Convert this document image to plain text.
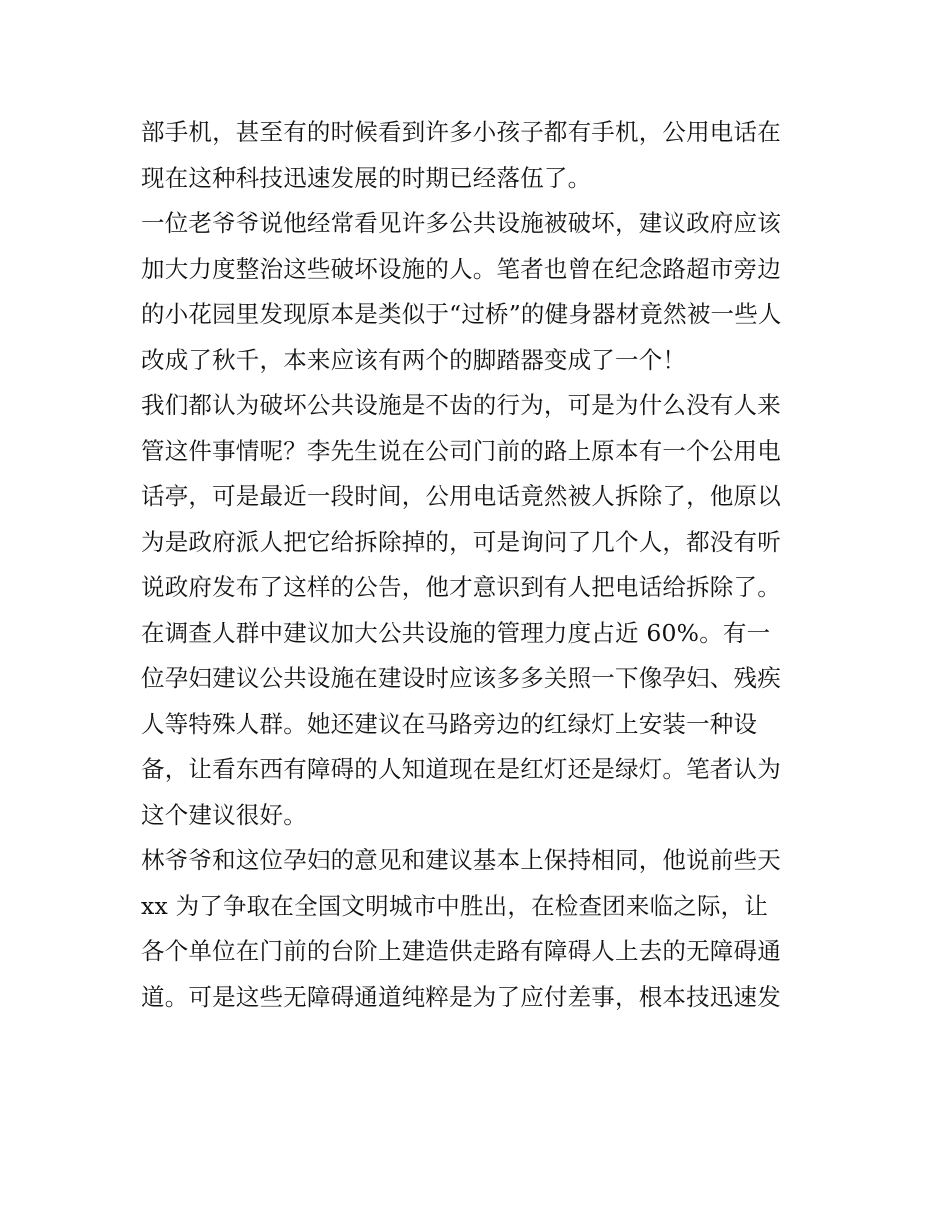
部手机，甚至有的时候看到许多小孩子都有手机，公用电话在
现在这种科技迅速发展的时期已经落伍了。
一位老爷爷说他经常看见许多公共设施被破坏，建议政府应该
加大力度整治这些破坏设施的人。笔者也曾在纪念路超市旁边
的小花园里发现原本是类似于“过桥”的健身器材竟然被一些人
改成了秋千，本来应该有两个的脚踏器变成了一个！
我们都认为破坏公共设施是不齿的行为，可是为什么没有人来
管这件事情呢？李先生说在公司门前的路上原本有一个公用电
话亭，可是最近一段时间，公用电话竟然被人拆除了，他原以
为是政府派人把它给拆除掉的，可是询问了几个人，都没有听
说政府发布了这样的公告，他才意识到有人把电话给拆除了。
在调查人群中建议加大公共设施的管理力度占近 60%。有一
位孕妇建议公共设施在建设时应该多多关照一下像孕妇、残疾
人等特殊人群。她还建议在马路旁边的红绿灯上安装一种设
备，让看东西有障碍的人知道现在是红灯还是绿灯。笔者认为
这个建议很好。
林爷爷和这位孕妇的意见和建议基本上保持相同，他说前些天
xx 为了争取在全国文明城市中胜出，在检查团来临之际，让
各个单位在门前的台阶上建造供走路有障碍人上去的无障碍通
道。可是这些无障碍通道纯粹是为了应付差事，根本技迅速发
